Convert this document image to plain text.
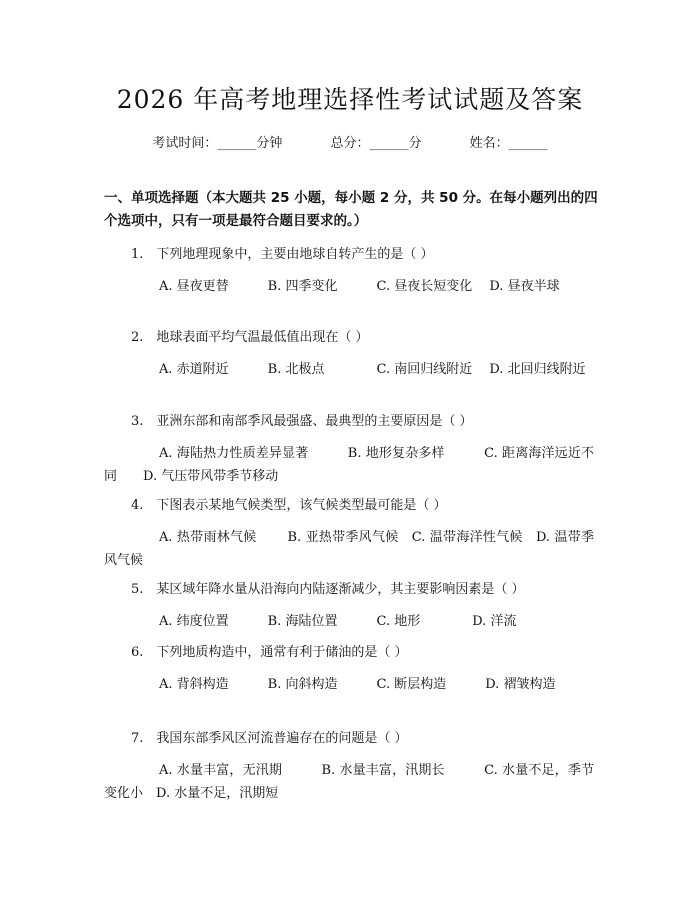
2026 年高考地理选择性考试试题及答案
考试时间：______分钟	总分：______分	姓名：______
一、单项选择题（本大题共 25 小题，每小题 2 分，共 50 分。在每小题列出的四个选项中，只有一项是最符合题目要求的。）
1.　下列地理现象中，主要由地球自转产生的是（ ）
A. 昼夜更替　　　B. 四季变化　　　C. 昼夜长短变化　 D. 昼夜半球
2.　地球表面平均气温最低值出现在（ ）
A. 赤道附近　　　B. 北极点　　　　C. 南回归线附近　 D. 北回归线附近
3.　亚洲东部和南部季风最强盛、最典型的主要原因是（ ）
A. 海陆热力性质差异显著　　　B. 地形复杂多样　　　C. 距离海洋远近不同　　D. 气压带风带季节移动
4.　下图表示某地气候类型，该气候类型最可能是（ ）
A. 热带雨林气候　　 B. 亚热带季风气候　C. 温带海洋性气候　D. 温带季风气候
5.　某区域年降水量从沿海向内陆逐渐减少，其主要影响因素是（ ）
A. 纬度位置　　　B. 海陆位置　　　C. 地形　　　　D. 洋流
6.　下列地质构造中，通常有利于储油的是（ ）
A. 背斜构造　　　B. 向斜构造　　　C. 断层构造　　　D. 褶皱构造
7.　我国东部季风区河流普遍存在的问题是（ ）
A. 水量丰富，无汛期　　　B. 水量丰富，汛期长　　　C. 水量不足，季节变化小　D. 水量不足，汛期短
